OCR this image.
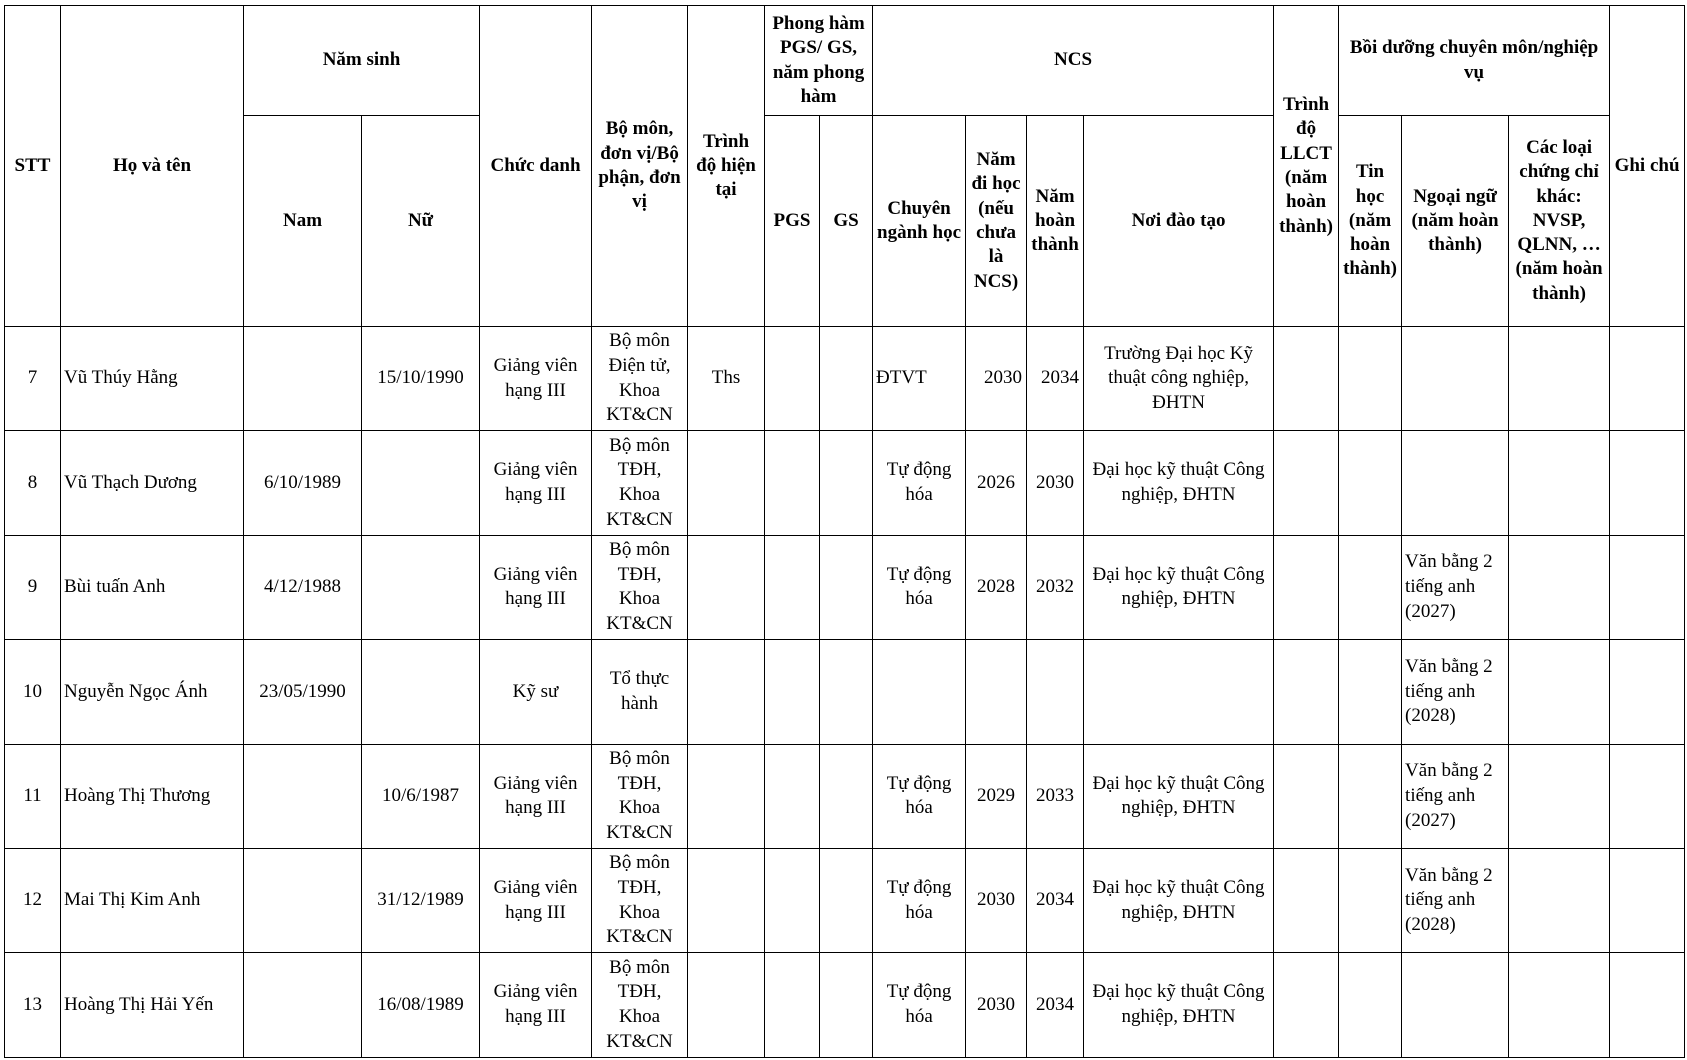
STT	Họ và tên	Năm sinh		Chức danh	Bộ môn, đơn vị/Bộ phận, đơn vị	Trình độ hiện tại	Phong hàm PGS/ GS, năm phong hàm		NCS				Trình độ LLCT (năm hoàn thành)	Bồi dưỡng chuyên môn/nghiệp vụ			Ghi chú
		Nam	Nữ				PGS	GS	Chuyên ngành học	Năm đi học (nếu chưa là NCS)	Năm hoàn thành	Nơi đào tạo		Tin học (năm hoàn thành)	Ngoại ngữ (năm hoàn thành)	Các loại chứng chỉ khác: NVSP, QLNN, …(năm hoàn thành)	
7	Vũ Thúy Hằng		15/10/1990	Giảng viên hạng III	Bộ môn Điện tử, Khoa KT&CN	Ths			ĐTVT	2030	2034	Trường Đại học Kỹ thuật công nghiệp, ĐHTN					
8	Vũ Thạch Dương	6/10/1989		Giảng viên hạng III	Bộ môn TĐH, Khoa KT&CN				Tự động hóa	2026	2030	Đại học kỹ thuật Công nghiệp, ĐHTN					
9	Bùi tuấn Anh	4/12/1988		Giảng viên hạng III	Bộ môn TĐH, Khoa KT&CN				Tự động hóa	2028	2032	Đại học kỹ thuật Công nghiệp, ĐHTN			Văn bằng 2 tiếng anh (2027)		
10	Nguyễn Ngọc Ánh	23/05/1990		Kỹ sư	Tổ thực hành										Văn bằng 2 tiếng anh (2028)		
11	Hoàng Thị Thương		10/6/1987	Giảng viên hạng III	Bộ môn TĐH, Khoa KT&CN				Tự động hóa	2029	2033	Đại học kỹ thuật Công nghiệp, ĐHTN			Văn bằng 2 tiếng anh (2027)		
12	Mai Thị Kim Anh		31/12/1989	Giảng viên hạng III	Bộ môn TĐH, Khoa KT&CN				Tự động hóa	2030	2034	Đại học kỹ thuật Công nghiệp, ĐHTN			Văn bằng 2 tiếng anh (2028)		
13	Hoàng Thị Hải Yến		16/08/1989	Giảng viên hạng III	Bộ môn TĐH, Khoa KT&CN				Tự động hóa	2030	2034	Đại học kỹ thuật Công nghiệp, ĐHTN					
